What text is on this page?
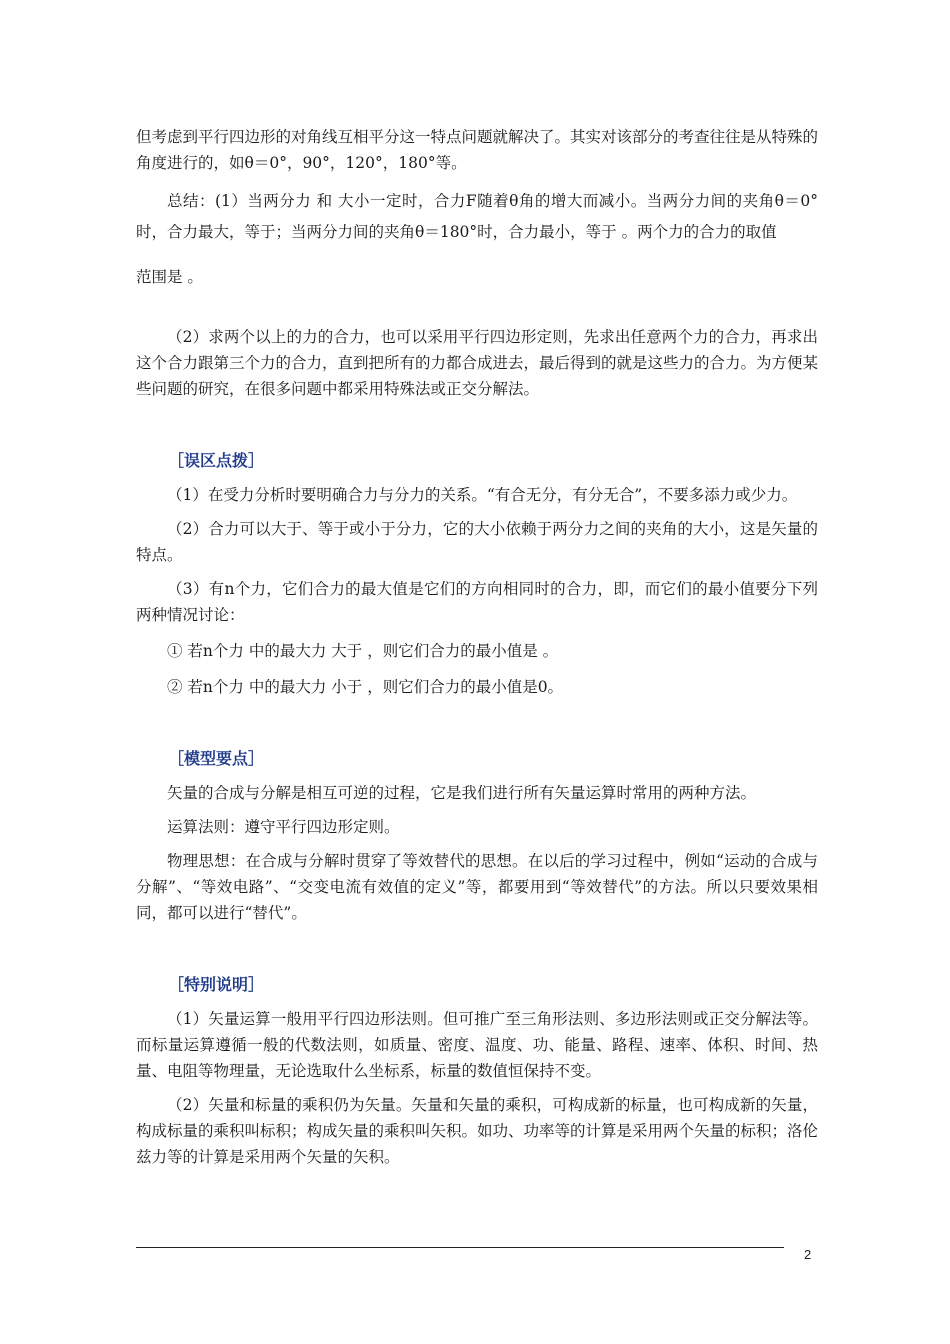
但考虑到平行四边形的对角线互相平分这一特点问题就解决了。其实对该部分的考查往往是从特殊的角度进行的，如θ＝0°，90°，120°，180°等。

总结：(1）当两分力 和 大小一定时，合力F随着θ角的增大而减小。当两分力间的夹角θ＝0°时，合力最大，等于；当两分力间的夹角θ＝180°时，合力最小，等于 。两个力的合力的取值

范围是 。

（2）求两个以上的力的合力，也可以采用平行四边形定则，先求出任意两个力的合力，再求出这个合力跟第三个力的合力，直到把所有的力都合成进去，最后得到的就是这些力的合力。为方便某些问题的研究，在很多问题中都采用特殊法或正交分解法。

［误区点拨］

（1）在受力分析时要明确合力与分力的关系。“有合无分，有分无合”，不要多添力或少力。

（2）合力可以大于、等于或小于分力，它的大小依赖于两分力之间的夹角的大小，这是矢量的特点。

（3）有n个力，它们合力的最大值是它们的方向相同时的合力，即，而它们的最小值要分下列两种情况讨论：

① 若n个力 中的最大力 大于 ，则它们合力的最小值是 。

② 若n个力 中的最大力 小于 ，则它们合力的最小值是0。

［模型要点］

矢量的合成与分解是相互可逆的过程，它是我们进行所有矢量运算时常用的两种方法。

运算法则：遵守平行四边形定则。

物理思想：在合成与分解时贯穿了等效替代的思想。在以后的学习过程中，例如“运动的合成与分解”、“等效电路”、“交变电流有效值的定义”等，都要用到“等效替代”的方法。所以只要效果相同，都可以进行“替代”。

［特别说明］

（1）矢量运算一般用平行四边形法则。但可推广至三角形法则、多边形法则或正交分解法等。而标量运算遵循一般的代数法则，如质量、密度、温度、功、能量、路程、速率、体积、时间、热量、电阻等物理量，无论选取什么坐标系，标量的数值恒保持不变。

（2）矢量和标量的乘积仍为矢量。矢量和矢量的乘积，可构成新的标量，也可构成新的矢量，构成标量的乘积叫标积；构成矢量的乘积叫矢积。如功、功率等的计算是采用两个矢量的标积；洛伦兹力等的计算是采用两个矢量的矢积。

2
